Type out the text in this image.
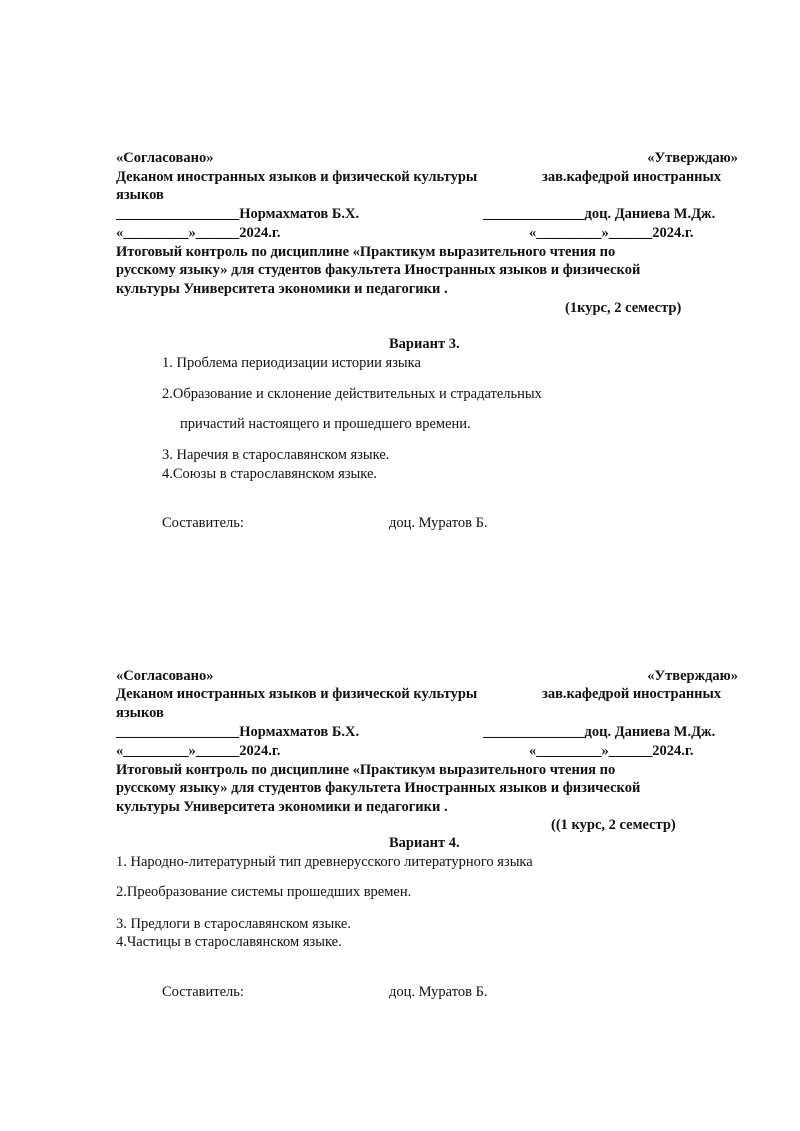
«Согласовано»	«Утверждаю»
Деканом иностранных языков и физической культуры	зав.кафедрой иностранных
языков
_________________Нормахматов Б.Х.	______________доц. Даниева М.Дж.
«_________»______2024.г.	«_________»______2024.г.
Итоговый контроль по дисциплине «Практикум выразительного чтения по
русскому языку» для студентов факультета Иностранных языков и физической
культуры Университета экономики и педагогики .
(1курс, 2 семестр)
Вариант 3.
1. Проблема периодизации истории языка
2.Образование и склонение действительных и страдательных
причастий настоящего и прошедшего времени.
3. Наречия в старославянском языке.
4.Союзы в старославянском языке.
Составитель:	доц. Муратов Б.
«Согласовано»	«Утверждаю»
Деканом иностранных языков и физической культуры	зав.кафедрой иностранных
языков
_________________Нормахматов Б.Х.	______________доц. Даниева М.Дж.
«_________»______2024.г.	«_________»______2024.г.
Итоговый контроль по дисциплине «Практикум выразительного чтения по
русскому языку» для студентов факультета Иностранных языков и физической
культуры Университета экономики и педагогики .
((1 курс, 2 семестр)
Вариант 4.
1. Народно-литературный тип древнерусского литературного языка
2.Преобразование системы прошедших времен.
3. Предлоги в старославянском языке.
4.Частицы в старославянском языке.
Составитель:	доц. Муратов Б.
